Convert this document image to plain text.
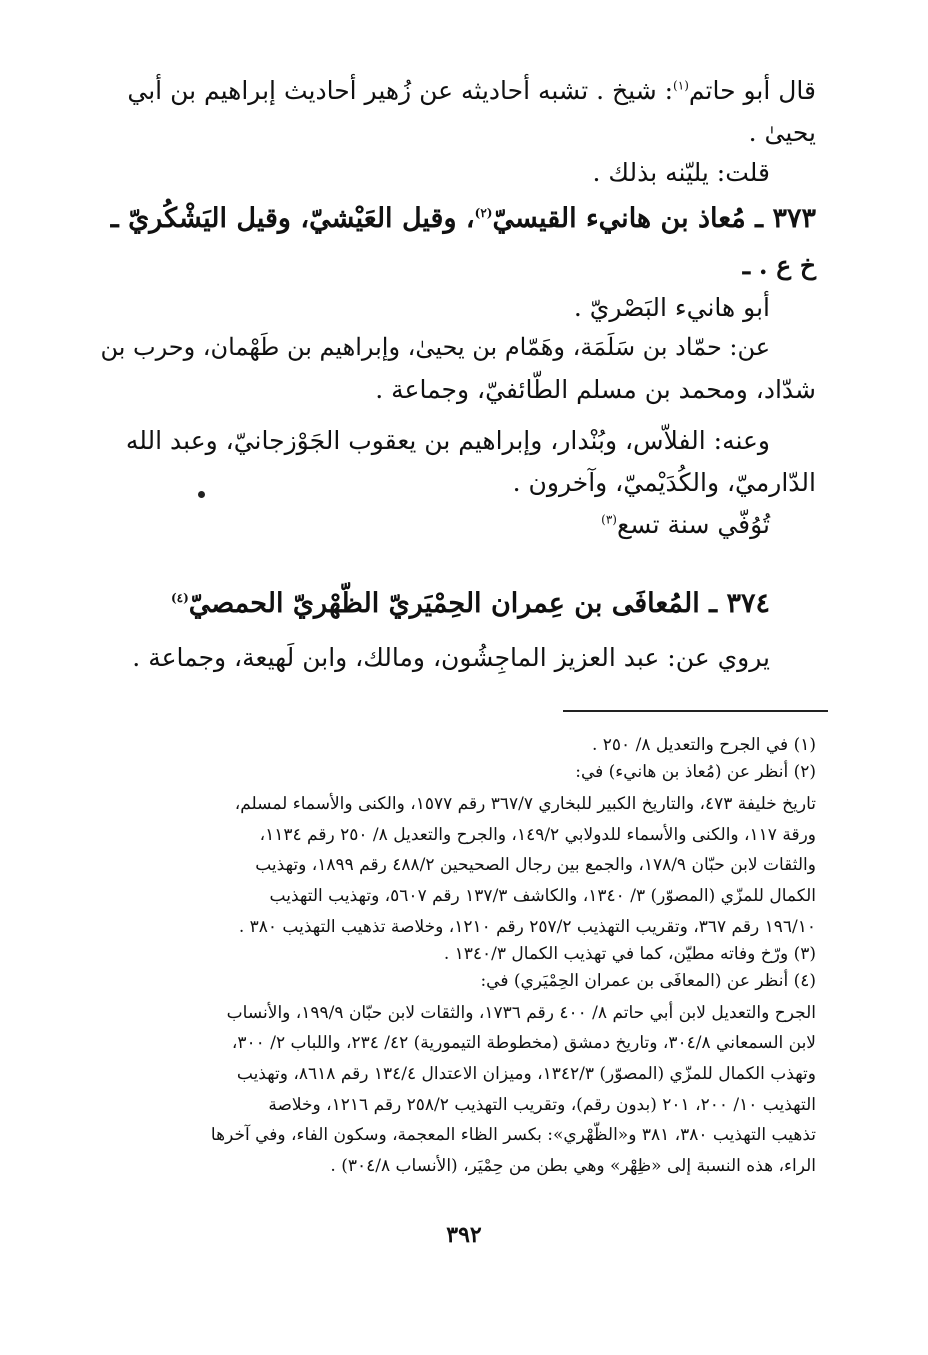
قال أبو حاتم$^{(١)}$: شيخ . تشبه أحاديثه عن زُهير أحاديث إبراهيم بن أبي
يحيىٰ .
قلت: يليّنه بذلك .
٣٧٣ ـ مُعاذ بن هانيء القيسيّ$^{(٢)}$، وقيل العَيْشيّ، وقيل اليَشْكُريّ ـ
خ ع . ـ
أبو هانيء البَصْريّ .
عن: حمّاد بن سَلَمَة، وهَمّام بن يحيىٰ، وإبراهيم بن طَهْمان، وحرب بن
شدّاد، ومحمد بن مسلم الطّائفيّ، وجماعة .
وعنه: الفلاّس، وبُنْدار، وإبراهيم بن يعقوب الجَوْزجانيّ، وعبد الله
الدّارميّ، والكُدَيْميّ، وآخرون .
تُوُفّي سنة تسع$^{(٣)}$
٣٧٤ ـ المُعافَى بن عِمران الحِمْيَريّ الظّهْريّ الحمصيّ$^{(٤)}$
يروي عن: عبد العزيز الماجِشُون، ومالك، وابن لَهيعة، وجماعة .
(١) في الجرح والتعديل ٨/ ٢٥٠ .
(٢) أنظر عن (مُعاذ بن هانيء) في:
تاريخ خليفة ٤٧٣، والتاريخ الكبير للبخاري ٣٦٧/٧ رقم ١٥٧٧، والكنى والأسماء لمسلم،
ورقة ١١٧، والكنى والأسماء للدولابي ١٤٩/٢، والجرح والتعديل ٨/ ٢٥٠ رقم ١١٣٤،
والثقات لابن حبّان ١٧٨/٩، والجمع بين رجال الصحيحين ٤٨٨/٢ رقم ١٨٩٩، وتهذيب
الكمال للمزّي (المصوّر) ٣/ ١٣٤٠، والكاشف ١٣٧/٣ رقم ٥٦٠٧، وتهذيب التهذيب
١٩٦/١٠ رقم ٣٦٧، وتقريب التهذيب ٢٥٧/٢ رقم ١٢١٠، وخلاصة تذهيب التهذيب ٣٨٠ .
(٣) ورّخ وفاته مطيّن، كما في تهذيب الكمال ١٣٤٠/٣ .
(٤) أنظر عن (المعافَى بن عمران الحِمْيَري) في:
الجرح والتعديل لابن أبي حاتم ٨/ ٤٠٠ رقم ١٧٣٦، والثقات لابن حبّان ١٩٩/٩، والأنساب
لابن السمعاني ٣٠٤/٨، وتاريخ دمشق (مخطوطة التيمورية) ٤٢/ ٢٣٤، واللباب ٢/ ٣٠٠،
وتهذب الكمال للمزّي (المصوّر) ١٣٤٢/٣، وميزان الاعتدال ١٣٤/٤ رقم ٨٦١٨، وتهذيب
التهذيب ١٠/ ٢٠٠، ٢٠١ (بدون رقم)، وتقريب التهذيب ٢٥٨/٢ رقم ١٢١٦، وخلاصة
تذهيب التهذيب ٣٨٠، ٣٨١ و«الظّهْري»: بكسر الظاء المعجمة، وسكون الفاء، وفي آخرها
الراء، هذه النسبة إلى «ظِهْر» وهي بطن من حِمْيَر، (الأنساب ٣٠٤/٨) .
٣٩٢
